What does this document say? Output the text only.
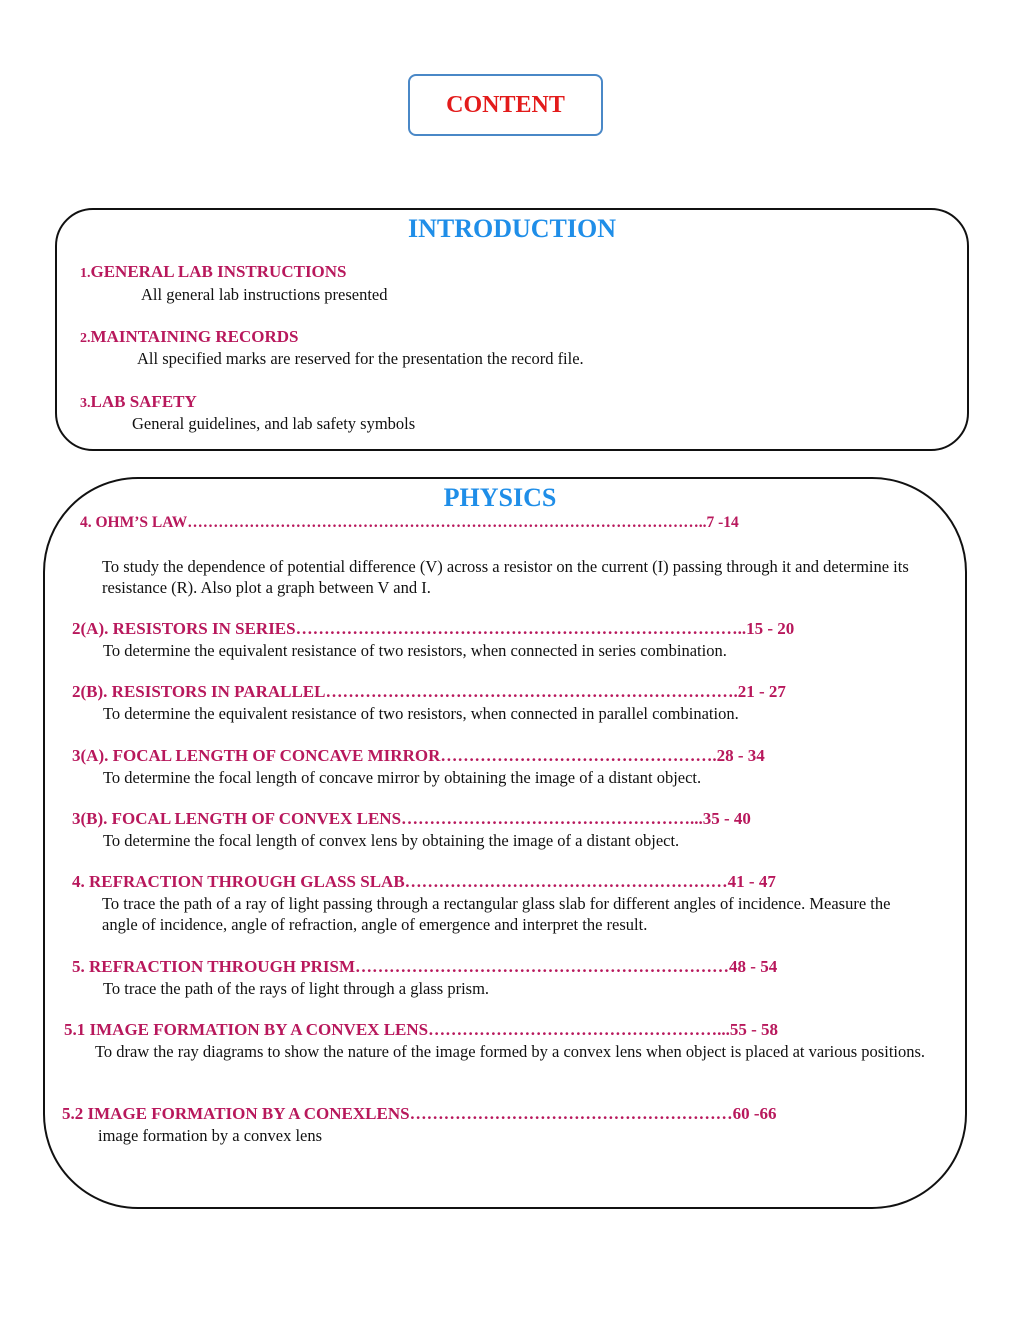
CONTENT
INTRODUCTION
1.GENERAL LAB INSTRUCTIONS
All general lab instructions presented
2.MAINTAINING RECORDS
All specified marks are reserved for the presentation the record file.
3.LAB SAFETY
General guidelines, and lab safety symbols
PHYSICS
4. OHM’S LAW………………………………………………………………………………………..7 -14
To study the dependence of potential difference (V) across a resistor on the current (I) passing through it and determine its resistance (R). Also plot a graph between V and I.
2(A). RESISTORS IN SERIES……………………………………………………………………..15 - 20
To determine the equivalent resistance of two resistors, when connected in series combination.
2(B). RESISTORS IN PARALLEL……………………………………………………………….21 - 27
To determine the equivalent resistance of two resistors, when connected in parallel combination.
3(A). FOCAL LENGTH OF CONCAVE MIRROR………………………………………….28 - 34
To determine the focal length of concave mirror by obtaining the image of a distant object.
3(B). FOCAL LENGTH OF CONVEX LENS……………………………………………...35 - 40
To determine the focal length of convex lens by obtaining the image of a distant object.
4. REFRACTION THROUGH GLASS SLAB…………………………………………………41 - 47
To trace the path of a ray of light passing through a rectangular glass slab for different angles of incidence. Measure the angle of incidence, angle of refraction, angle of emergence and interpret the result.
5. REFRACTION THROUGH PRISM…………………………………………………………48 - 54
To trace the path of the rays of light through a glass prism.
5.1 IMAGE FORMATION BY A CONVEX LENS……………………………………………...55 - 58
To draw the ray diagrams to show the nature of the image formed by a convex lens when object is placed at various positions.
5.2 IMAGE FORMATION BY A CONEXLENS…………………………………………………60 -66
image formation by a convex lens
